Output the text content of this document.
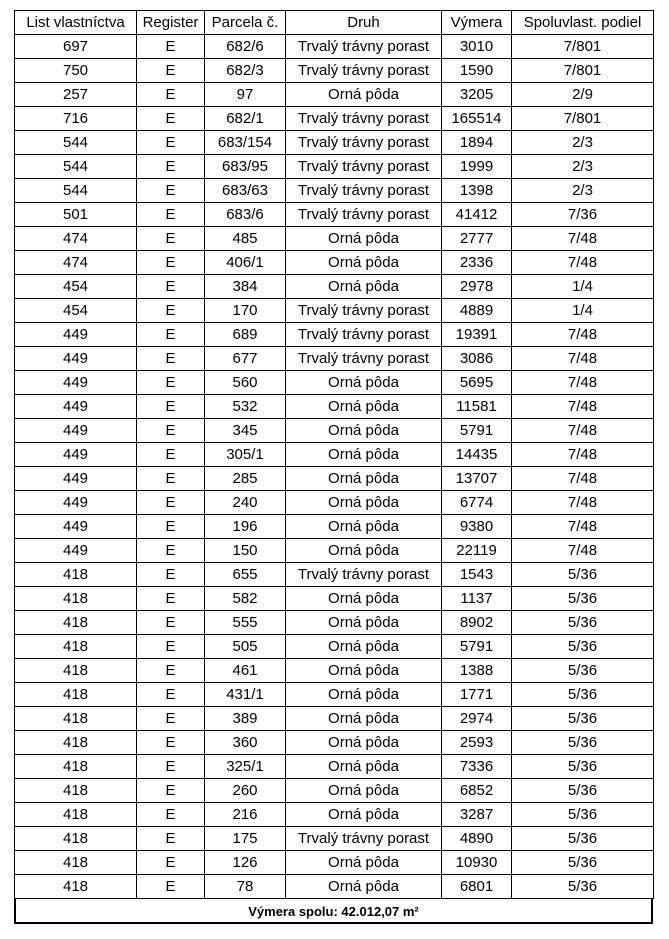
List vlastníctva	Register	Parcela č.	Druh	Výmera	Spoluvlast. podiel
697	E	682/6	Trvalý trávny porast	3010	7/801
750	E	682/3	Trvalý trávny porast	1590	7/801
257	E	97	Orná pôda	3205	2/9
716	E	682/1	Trvalý trávny porast	165514	7/801
544	E	683/154	Trvalý trávny porast	1894	2/3
544	E	683/95	Trvalý trávny porast	1999	2/3
544	E	683/63	Trvalý trávny porast	1398	2/3
501	E	683/6	Trvalý trávny porast	41412	7/36
474	E	485	Orná pôda	2777	7/48
474	E	406/1	Orná pôda	2336	7/48
454	E	384	Orná pôda	2978	1/4
454	E	170	Trvalý trávny porast	4889	1/4
449	E	689	Trvalý trávny porast	19391	7/48
449	E	677	Trvalý trávny porast	3086	7/48
449	E	560	Orná pôda	5695	7/48
449	E	532	Orná pôda	11581	7/48
449	E	345	Orná pôda	5791	7/48
449	E	305/1	Orná pôda	14435	7/48
449	E	285	Orná pôda	13707	7/48
449	E	240	Orná pôda	6774	7/48
449	E	196	Orná pôda	9380	7/48
449	E	150	Orná pôda	22119	7/48
418	E	655	Trvalý trávny porast	1543	5/36
418	E	582	Orná pôda	1137	5/36
418	E	555	Orná pôda	8902	5/36
418	E	505	Orná pôda	5791	5/36
418	E	461	Orná pôda	1388	5/36
418	E	431/1	Orná pôda	1771	5/36
418	E	389	Orná pôda	2974	5/36
418	E	360	Orná pôda	2593	5/36
418	E	325/1	Orná pôda	7336	5/36
418	E	260	Orná pôda	6852	5/36
418	E	216	Orná pôda	3287	5/36
418	E	175	Trvalý trávny porast	4890	5/36
418	E	126	Orná pôda	10930	5/36
418	E	78	Orná pôda	6801	5/36
Výmera spolu: 42.012,07 m²
